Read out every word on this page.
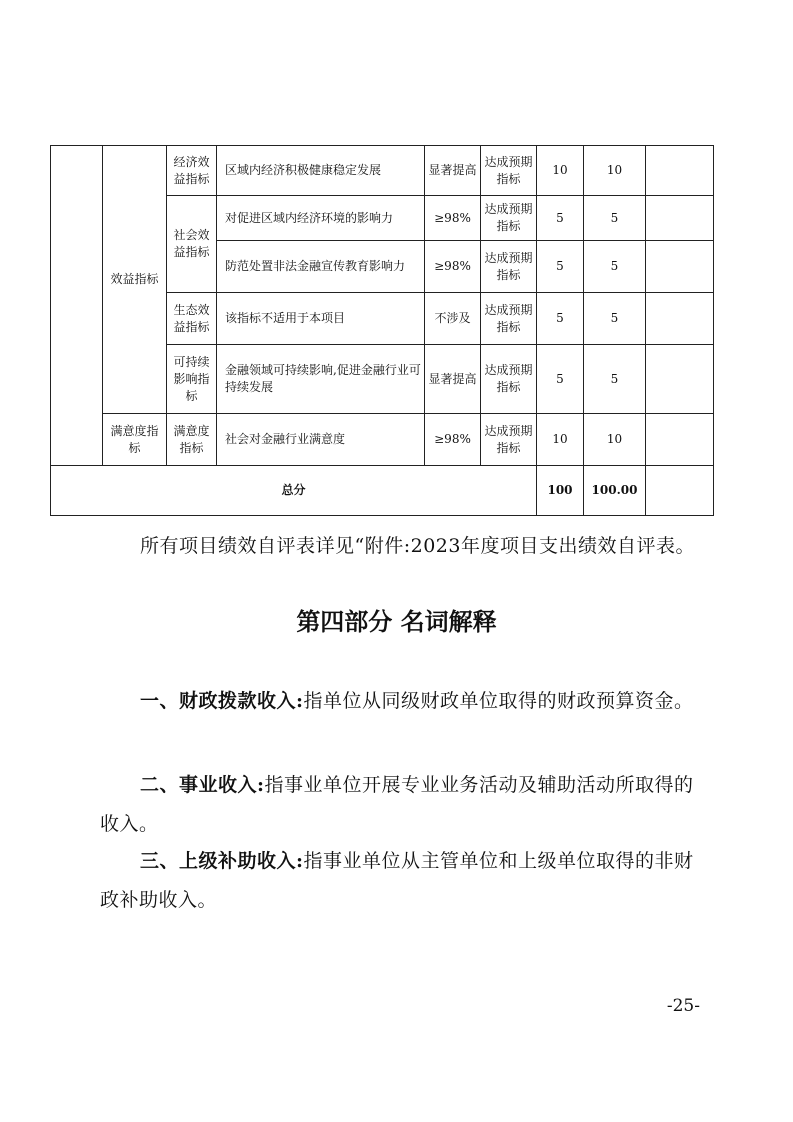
	效益指标	经济效益指标	区域内经济积极健康稳定发展	显著提高	达成预期指标	10	10	
		社会效益指标	对促进区域内经济环境的影响力	≥98%	达成预期指标	5	5	
			防范处置非法金融宣传教育影响力	≥98%	达成预期指标	5	5	
		生态效益指标	该指标不适用于本项目	不涉及	达成预期指标	5	5	
		可持续影响指标	金融领域可持续影响,促进金融行业可持续发展	显著提高	达成预期指标	5	5	
	满意度指标	满意度指标	社会对金融行业满意度	≥98%	达成预期指标	10	10	
总分						100	100.00	
所有项目绩效自评表详见“附件:2023年度项目支出绩效自评表。
第四部分 名词解释
一、财政拨款收入:指单位从同级财政单位取得的财政预算资金。
二、事业收入:指事业单位开展专业业务活动及辅助活动所取得的收入。
三、上级补助收入:指事业单位从主管单位和上级单位取得的非财政补助收入。
-25-
